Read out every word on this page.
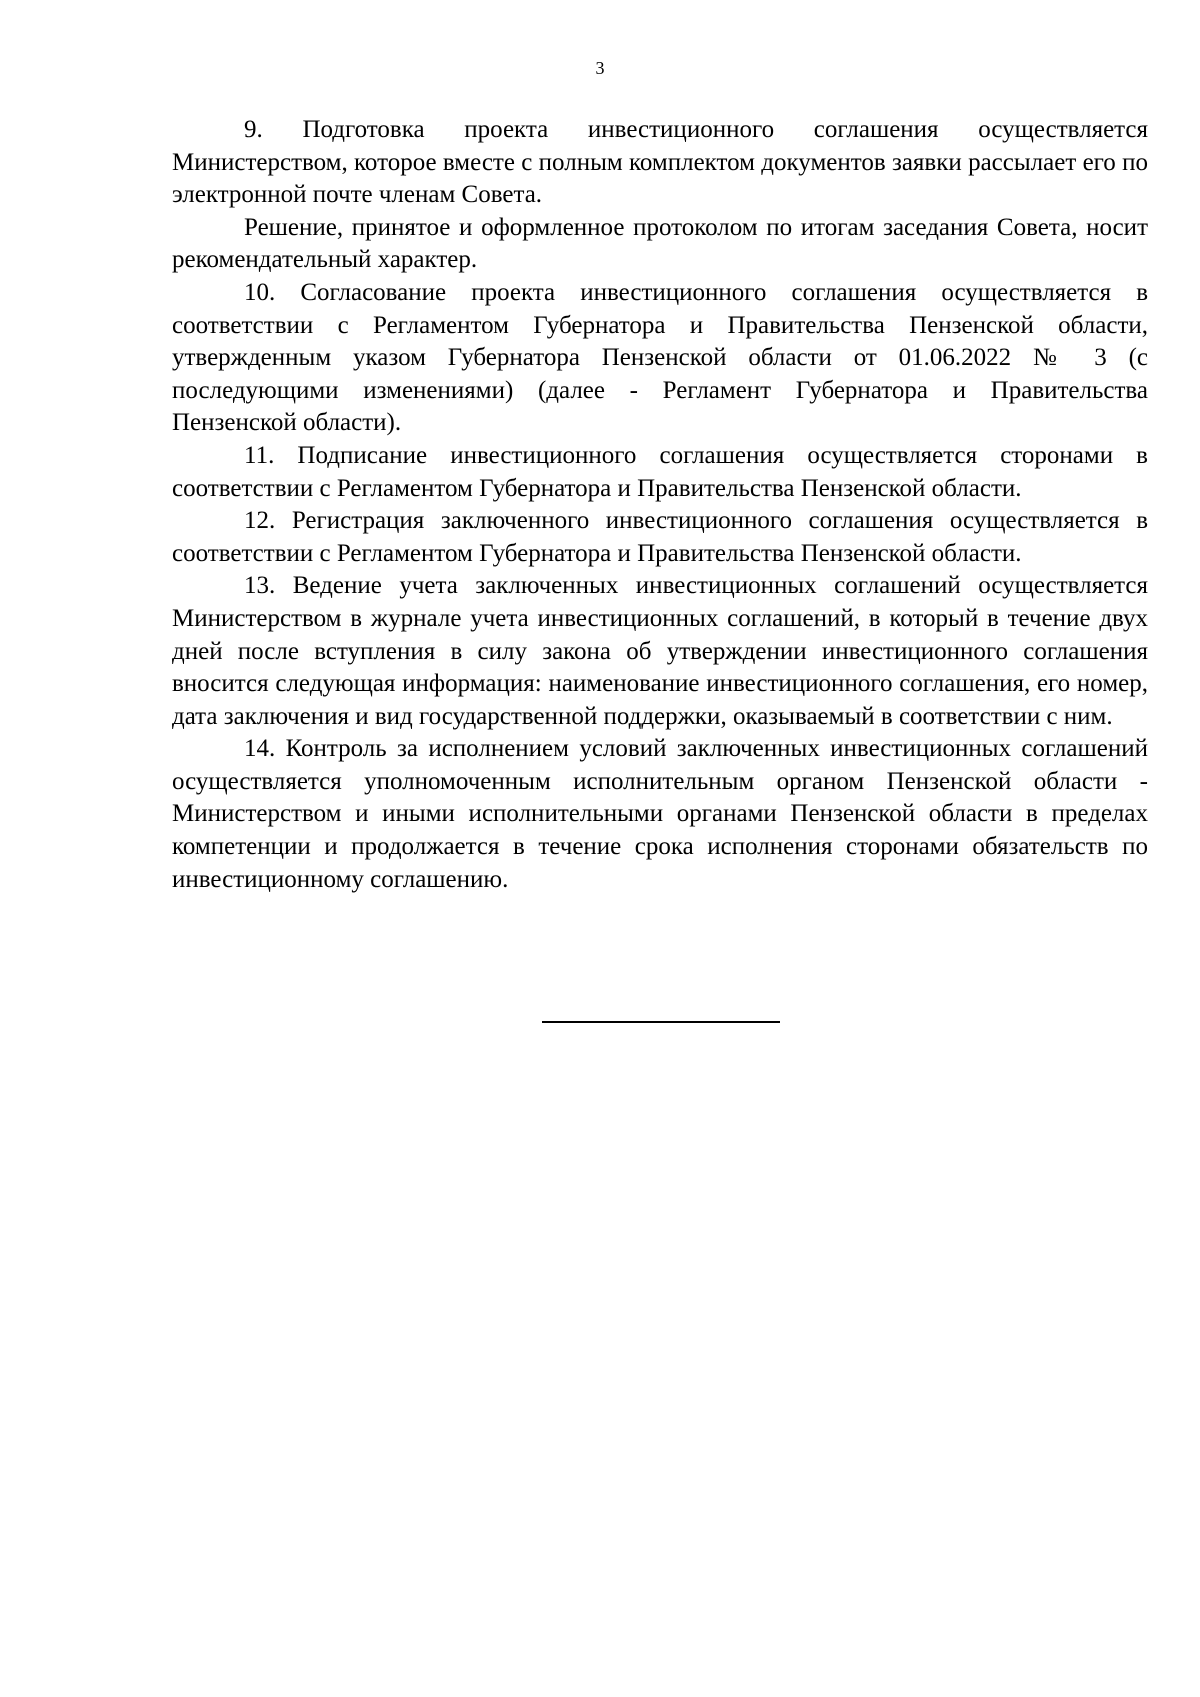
3

9. Подготовка проекта инвестиционного соглашения осуществляется Министерством, которое вместе с полным комплектом документов заявки рассылает его по электронной почте членам Совета.

Решение, принятое и оформленное протоколом по итогам заседания Совета, носит рекомендательный характер.

10. Согласование проекта инвестиционного соглашения осуществляется в соответствии с Регламентом Губернатора и Правительства Пензенской области, утвержденным указом Губернатора Пензенской области от 01.06.2022 № 3 (с последующими изменениями) (далее - Регламент Губернатора и Правительства Пензенской области).

11. Подписание инвестиционного соглашения осуществляется сторонами в соответствии с Регламентом Губернатора и Правительства Пензенской области.

12. Регистрация заключенного инвестиционного соглашения осуществляется в соответствии с Регламентом Губернатора и Правительства Пензенской области.

13. Ведение учета заключенных инвестиционных соглашений осуществляется Министерством в журнале учета инвестиционных соглашений, в который в течение двух дней после вступления в силу закона об утверждении инвестиционного соглашения вносится следующая информация: наименование инвестиционного соглашения, его номер, дата заключения и вид государственной поддержки, оказываемый в соответствии с ним.

14. Контроль за исполнением условий заключенных инвестиционных соглашений осуществляется уполномоченным исполнительным органом Пензенской области - Министерством и иными исполнительными органами Пензенской области в пределах компетенции и продолжается в течение срока исполнения сторонами обязательств по инвестиционному соглашению.
